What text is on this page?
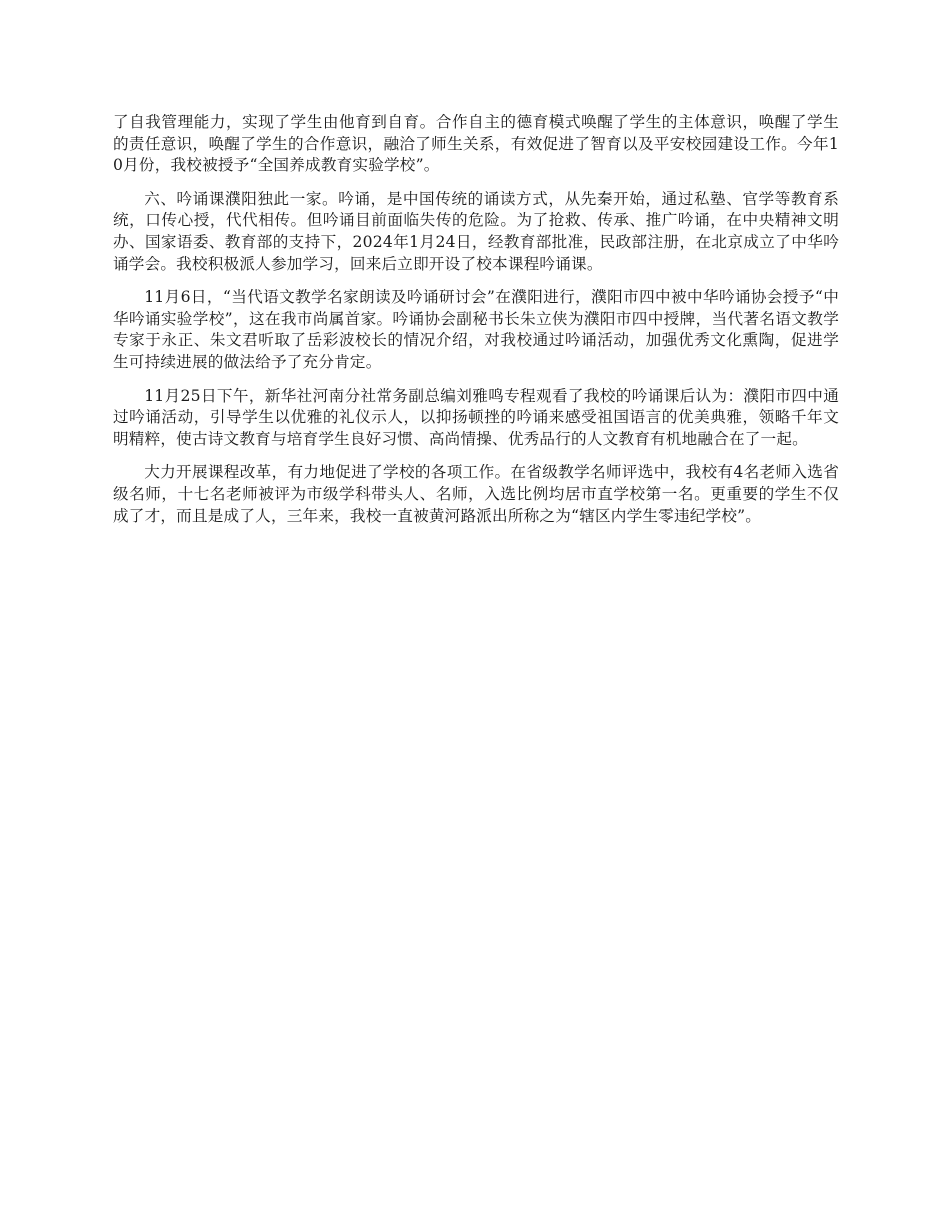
了自我管理能力，实现了学生由他育到自育。合作自主的德育模式唤醒了学生的主体意识，唤醒了学生的责任意识，唤醒了学生的合作意识，融洽了师生关系，有效促进了智育以及平安校园建设工作。今年10月份，我校被授予“全国养成教育实验学校”。

六、吟诵课濮阳独此一家。吟诵，是中国传统的诵读方式，从先秦开始，通过私塾、官学等教育系统，口传心授，代代相传。但吟诵目前面临失传的危险。为了抢救、传承、推广吟诵，在中央精神文明办、国家语委、教育部的支持下，2024年1月24日，经教育部批准，民政部注册，在北京成立了中华吟诵学会。我校积极派人参加学习，回来后立即开设了校本课程吟诵课。

11月6日，“当代语文教学名家朗读及吟诵研讨会”在濮阳进行，濮阳市四中被中华吟诵协会授予“中华吟诵实验学校”，这在我市尚属首家。吟诵协会副秘书长朱立侠为濮阳市四中授牌，当代著名语文教学专家于永正、朱文君听取了岳彩波校长的情况介绍，对我校通过吟诵活动，加强优秀文化熏陶，促进学生可持续进展的做法给予了充分肯定。

11月25日下午，新华社河南分社常务副总编刘雅鸣专程观看了我校的吟诵课后认为：濮阳市四中通过吟诵活动，引导学生以优雅的礼仪示人，以抑扬顿挫的吟诵来感受祖国语言的优美典雅，领略千年文明精粹，使古诗文教育与培育学生良好习惯、高尚情操、优秀品行的人文教育有机地融合在了一起。

大力开展课程改革，有力地促进了学校的各项工作。在省级教学名师评选中，我校有4名老师入选省级名师，十七名老师被评为市级学科带头人、名师，入选比例均居市直学校第一名。更重要的学生不仅成了才，而且是成了人，三年来，我校一直被黄河路派出所称之为“辖区内学生零违纪学校”。
